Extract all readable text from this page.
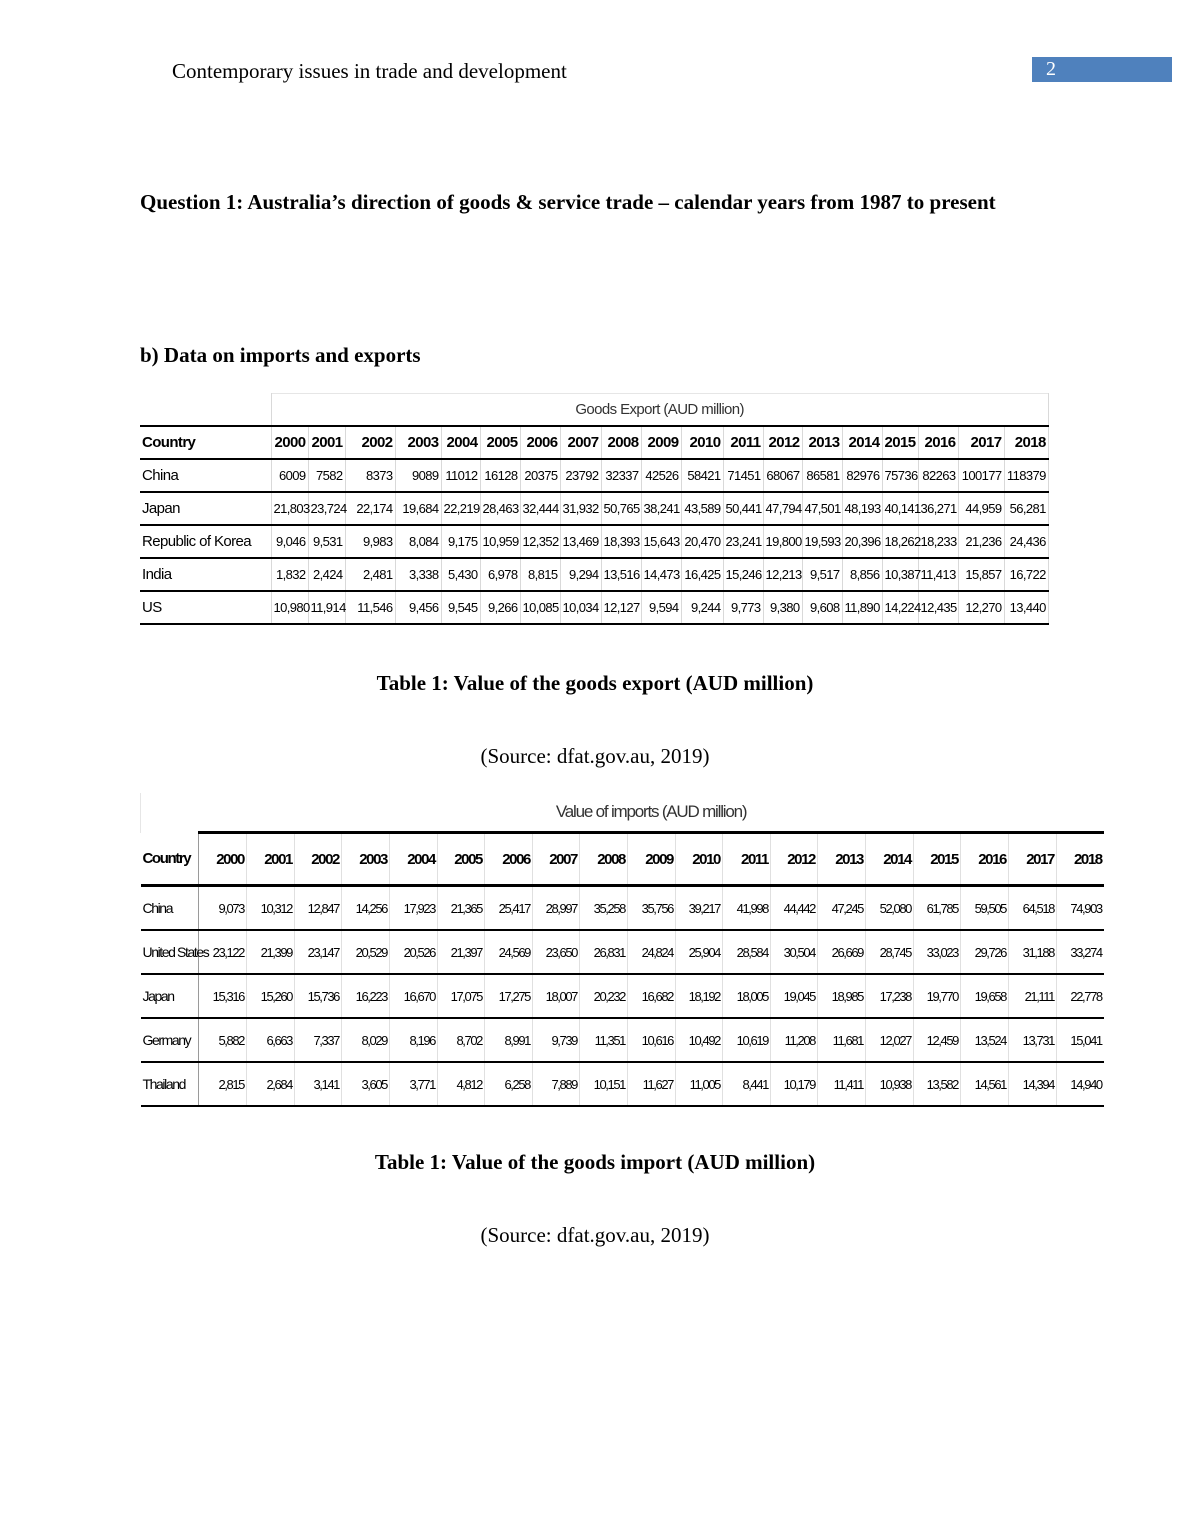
Contemporary issues in trade and development	2
Question 1: Australia’s direction of goods & service trade – calendar years from 1987 to present
b) Data on imports and exports
	Goods Export (AUD million)																		
Country	2000	2001	2002	2003	2004	2005	2006	2007	2008	2009	2010	2011	2012	2013	2014	2015	2016	2017	2018
China	6009	7582	8373	9089	11012	16128	20375	23792	32337	42526	58421	71451	68067	86581	82976	75736	82263	100177	118379
Japan	21,803	23,724	22,174	19,684	22,219	28,463	32,444	31,932	50,765	38,241	43,589	50,441	47,794	47,501	48,193	40,141	36,271	44,959	56,281
Republic of Korea	9,046	9,531	9,983	8,084	9,175	10,959	12,352	13,469	18,393	15,643	20,470	23,241	19,800	19,593	20,396	18,262	18,233	21,236	24,436
India	1,832	2,424	2,481	3,338	5,430	6,978	8,815	9,294	13,516	14,473	16,425	15,246	12,213	9,517	8,856	10,387	11,413	15,857	16,722
US	10,980	11,914	11,546	9,456	9,545	9,266	10,085	10,034	12,127	9,594	9,244	9,773	9,380	9,608	11,890	14,224	12,435	12,270	13,440
Table 1: Value of the goods export (AUD million)
(Source: dfat.gov.au, 2019)
	Value of imports (AUD million)																		
Country	2000	2001	2002	2003	2004	2005	2006	2007	2008	2009	2010	2011	2012	2013	2014	2015	2016	2017	2018
China	9,073	10,312	12,847	14,256	17,923	21,365	25,417	28,997	35,258	35,756	39,217	41,998	44,442	47,245	52,080	61,785	59,505	64,518	74,903
United States	23,122	21,399	23,147	20,529	20,526	21,397	24,569	23,650	26,831	24,824	25,904	28,584	30,504	26,669	28,745	33,023	29,726	31,188	33,274
Japan	15,316	15,260	15,736	16,223	16,670	17,075	17,275	18,007	20,232	16,682	18,192	18,005	19,045	18,985	17,238	19,770	19,658	21,111	22,778
Germany	5,882	6,663	7,337	8,029	8,196	8,702	8,991	9,739	11,351	10,616	10,492	10,619	11,208	11,681	12,027	12,459	13,524	13,731	15,041
Thailand	2,815	2,684	3,141	3,605	3,771	4,812	6,258	7,889	10,151	11,627	11,005	8,441	10,179	11,411	10,938	13,582	14,561	14,394	14,940
Table 1: Value of the goods import (AUD million)
(Source: dfat.gov.au, 2019)
